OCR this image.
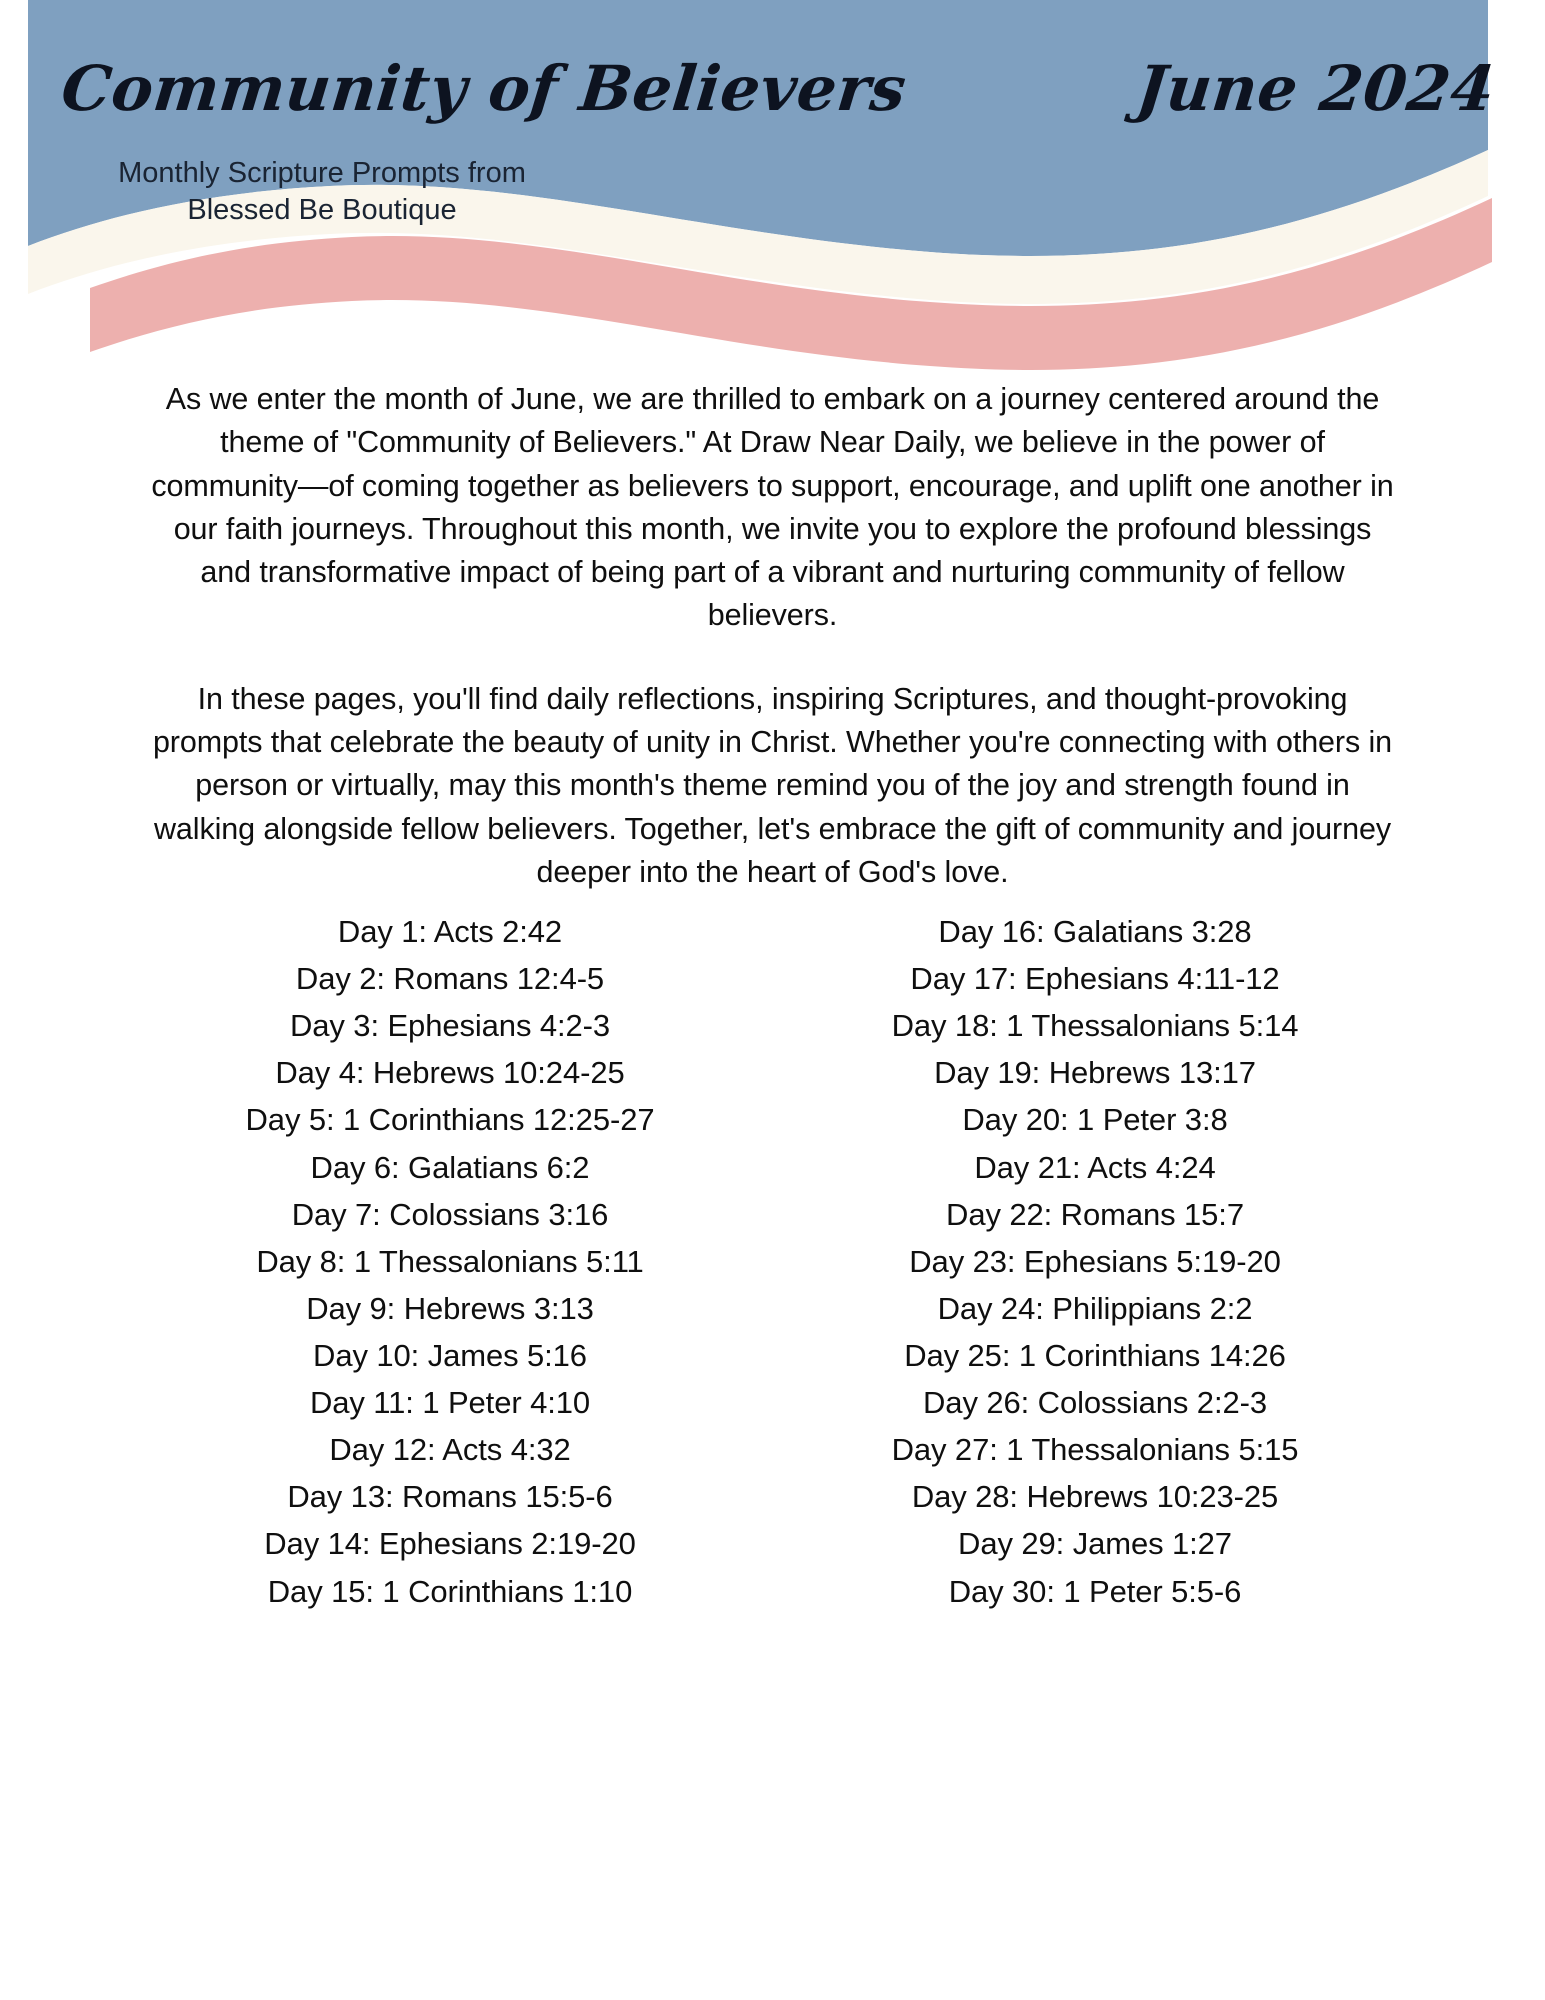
Community of Believers
Monthly Scripture Prompts from
Blessed Be Boutique
June 2024

As we enter the month of June, we are thrilled to embark on a journey centered around the theme of "Community of Believers." At Draw Near Daily, we believe in the power of community—of coming together as believers to support, encourage, and uplift one another in our faith journeys. Throughout this month, we invite you to explore the profound blessings and transformative impact of being part of a vibrant and nurturing community of fellow believers.

In these pages, you'll find daily reflections, inspiring Scriptures, and thought-provoking prompts that celebrate the beauty of unity in Christ. Whether you're connecting with others in person or virtually, may this month's theme remind you of the joy and strength found in walking alongside fellow believers. Together, let's embrace the gift of community and journey deeper into the heart of God's love.

Day 1: Acts 2:42
Day 2: Romans 12:4-5
Day 3: Ephesians 4:2-3
Day 4: Hebrews 10:24-25
Day 5: 1 Corinthians 12:25-27
Day 6: Galatians 6:2
Day 7: Colossians 3:16
Day 8: 1 Thessalonians 5:11
Day 9: Hebrews 3:13
Day 10: James 5:16
Day 11: 1 Peter 4:10
Day 12: Acts 4:32
Day 13: Romans 15:5-6
Day 14: Ephesians 2:19-20
Day 15: 1 Corinthians 1:10
Day 16: Galatians 3:28
Day 17: Ephesians 4:11-12
Day 18: 1 Thessalonians 5:14
Day 19: Hebrews 13:17
Day 20: 1 Peter 3:8
Day 21: Acts 4:24
Day 22: Romans 15:7
Day 23: Ephesians 5:19-20
Day 24: Philippians 2:2
Day 25: 1 Corinthians 14:26
Day 26: Colossians 2:2-3
Day 27: 1 Thessalonians 5:15
Day 28: Hebrews 10:23-25
Day 29: James 1:27
Day 30: 1 Peter 5:5-6
